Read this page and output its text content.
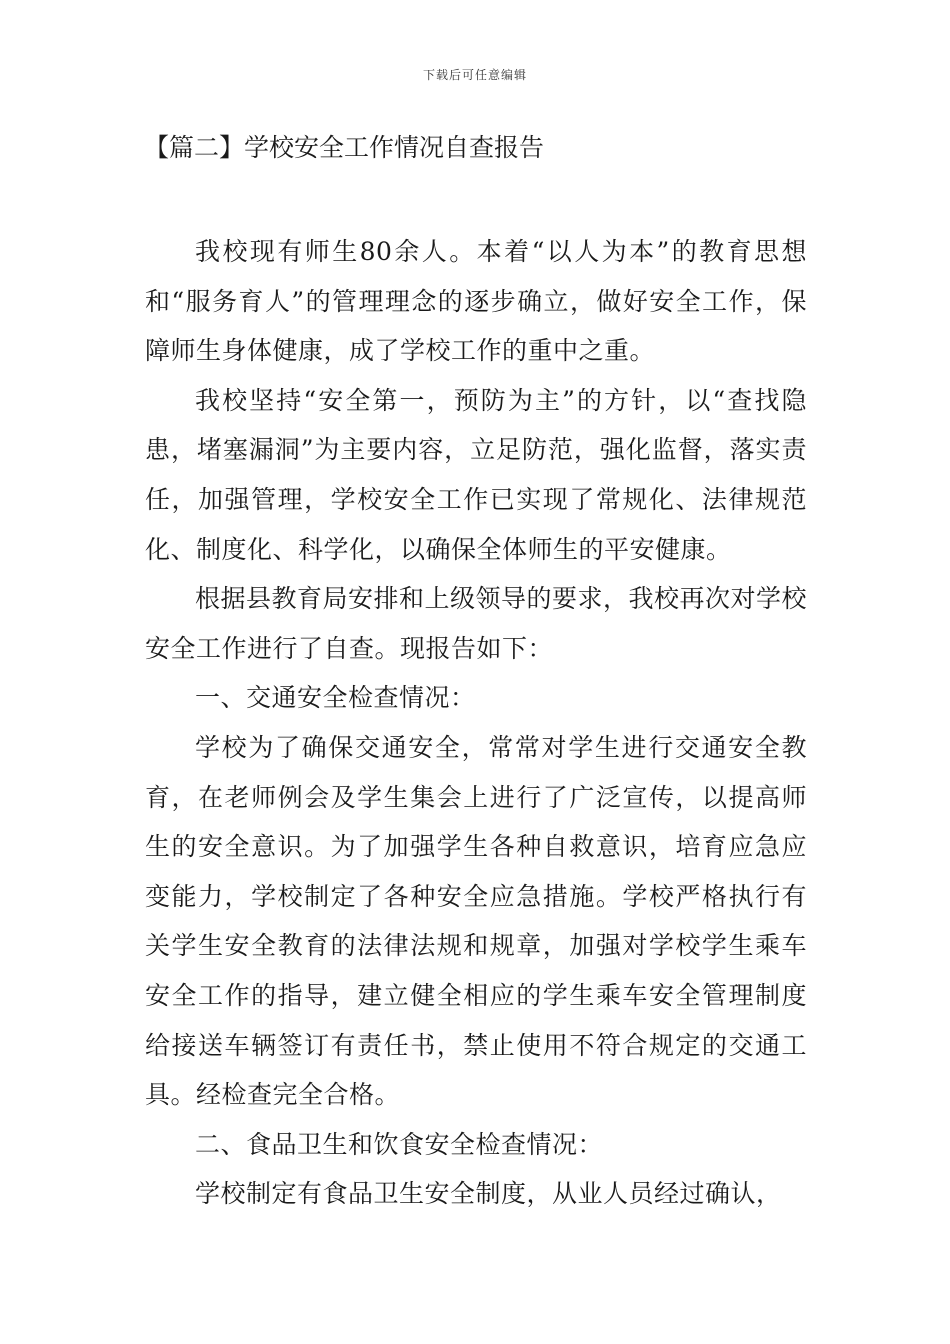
下载后可任意编辑
【篇二】学校安全工作情况自查报告

我校现有师生80余人。本着“以人为本”的教育思想和“服务育人”的管理理念的逐步确立，做好安全工作，保障师生身体健康，成了学校工作的重中之重。

我校坚持“安全第一，预防为主”的方针，以“查找隐患，堵塞漏洞”为主要内容，立足防范，强化监督，落实责任，加强管理，学校安全工作已实现了常规化、法律规范化、制度化、科学化，以确保全体师生的平安健康。

根据县教育局安排和上级领导的要求，我校再次对学校安全工作进行了自查。现报告如下：

一、交通安全检查情况：

学校为了确保交通安全，常常对学生进行交通安全教育，在老师例会及学生集会上进行了广泛宣传，以提高师生的安全意识。为了加强学生各种自救意识，培育应急应变能力，学校制定了各种安全应急措施。学校严格执行有关学生安全教育的法律法规和规章，加强对学校学生乘车安全工作的指导，建立健全相应的学生乘车安全管理制度给接送车辆签订有责任书，禁止使用不符合规定的交通工具。经检查完全合格。

二、食品卫生和饮食安全检查情况：

学校制定有食品卫生安全制度，从业人员经过确认，
